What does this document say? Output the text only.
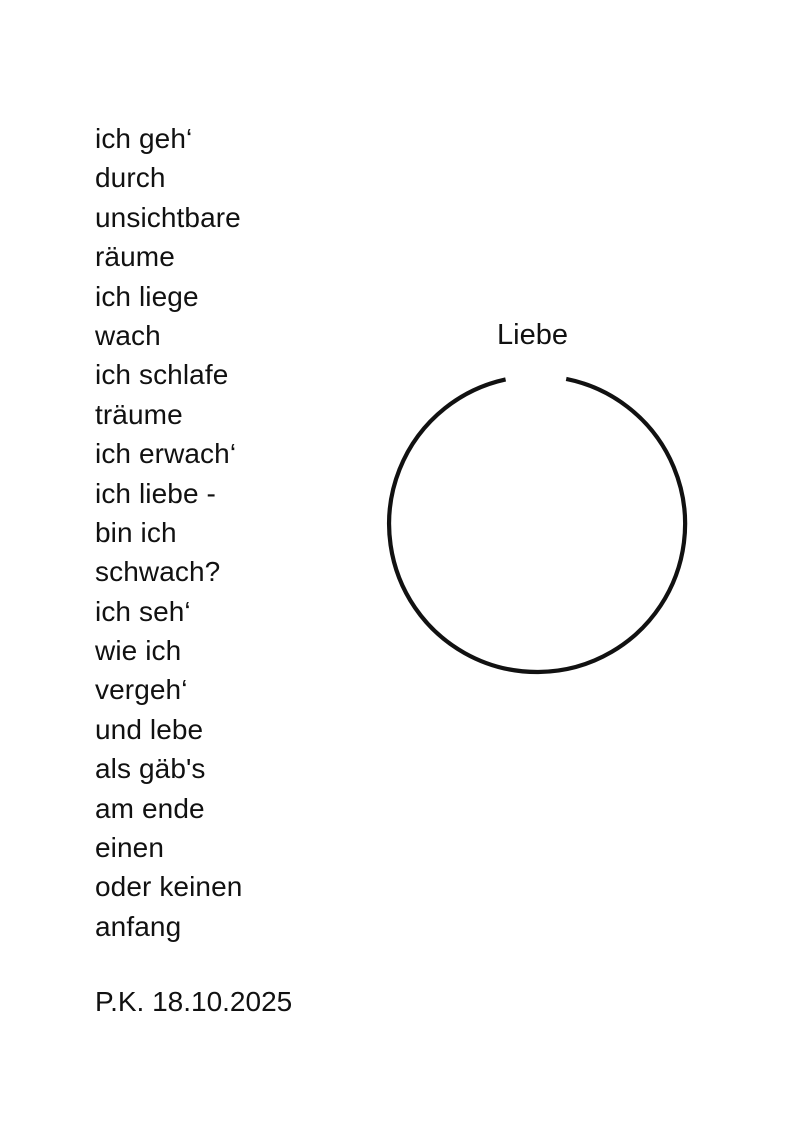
ich geh‘
durch
unsichtbare
räume
ich liege
wach
ich schlafe
träume
ich erwach‘
ich liebe -
bin ich
schwach?
ich seh‘
wie ich
vergeh‘
und lebe
als gäb's
am ende
einen
oder keinen
anfang
P.K. 18.10.2025
Liebe
